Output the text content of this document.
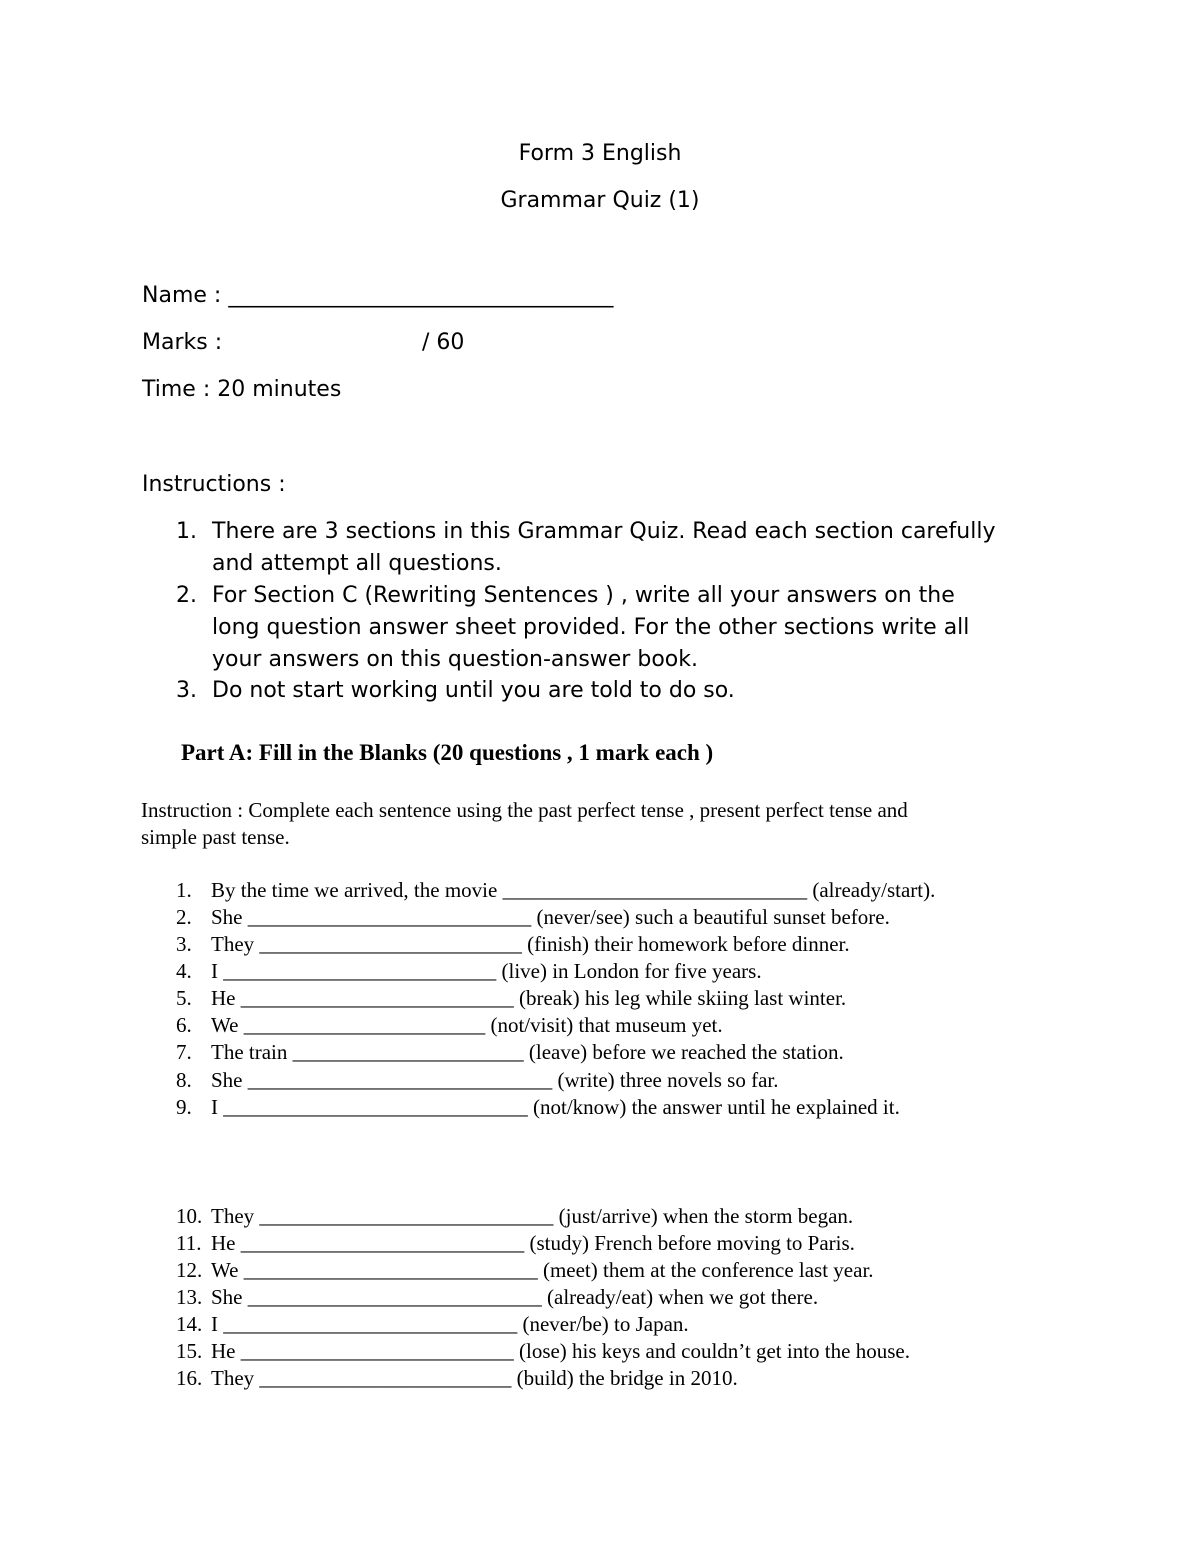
Form 3 English
Grammar Quiz (1)
Name : ___________________________________
Marks :	/ 60
Time : 20 minutes
Instructions :
1. There are 3 sections in this Grammar Quiz. Read each section carefully
and attempt all questions.
2. For Section C (Rewriting Sentences ) , write all your answers on the
long question answer sheet provided. For the other sections write all
your answers on this question-answer book.
3. Do not start working until you are told to do so.
Part A: Fill in the Blanks (20 questions , 1 mark each )
Instruction : Complete each sentence using the past perfect tense , present perfect tense and
simple past tense.
1. By the time we arrived, the movie _____________________________ (already/start).
2. She ___________________________ (never/see) such a beautiful sunset before.
3. They _________________________ (finish) their homework before dinner.
4. I __________________________ (live) in London for five years.
5. He __________________________ (break) his leg while skiing last winter.
6. We _______________________ (not/visit) that museum yet.
7. The train ______________________ (leave) before we reached the station.
8. She _____________________________ (write) three novels so far.
9. I _____________________________ (not/know) the answer until he explained it.
10. They ____________________________ (just/arrive) when the storm began.
11. He ___________________________ (study) French before moving to Paris.
12. We ____________________________ (meet) them at the conference last year.
13. She ____________________________ (already/eat) when we got there.
14. I ____________________________ (never/be) to Japan.
15. He __________________________ (lose) his keys and couldn’t get into the house.
16. They ________________________ (build) the bridge in 2010.
